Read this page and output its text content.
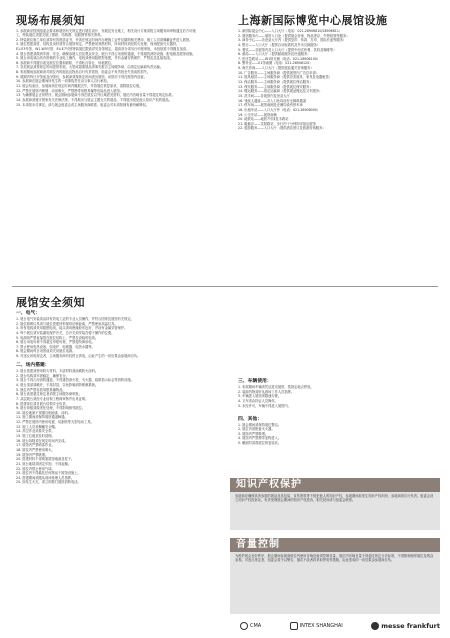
现场布展须知

1. 参展商应按照组委会要求和展馆有关规定进行展位设计、布展及安全施工，相关设计方案须报主场服务商审核通过后方可施工，特装展位须提交施工图纸、结构图、电路图等相关资料。

2. 特装展位施工单位须持有效资质证书，并须在规定时间内办理施工证件及缴纳相关费用，施工人员须佩戴证件进入展馆。

3. 展位搭建高度、结构及用材须符合展馆规定，严禁使用易燃材料，所用材料须经防火处理，现场配备灭火器材。

E1-E3号馆、W1-W5号馆、E4-E7号馆特装展位限高详见各馆规定，超高部分须另行申报审批，未经批准不得擅自加高。

4. 展台搭建须做到牢固、安全，确保参展人员及观众安全，展台不得占用消防通道，不得遮挡消防设施、配电箱及展馆设施。

5. 展台用电须由具有资格的专业电工操作，电线须使用阻燃型电缆，并有金属穿管保护，严禁乱拉乱接电线。

6. 参展商不得擅自改变展位位置和面积，不得私自转让、转租展位。

7. 各类展品须按规定时间进馆布展，大型或超重展品须事先报告主场服务商，由指定运输商负责运输。

8. 布展期间参展商须对展位内的展品及物品自行负责看管，组委会不负责因丢失造成的损失。

9. 展期内每日开馆前及闭馆后，参展商须按规定时间进出展馆，闭馆后不得在展馆内逗留。

10. 参展商在展会期间所发生的一切事故责任由当事人自行承担。

11. 展会结束后，参展商须在规定时间内撤展完毕，并将展位恢复原状，清除展位垃圾。

12. 严禁在展馆内吸烟、动用明火，严禁携带易燃易爆等危险品进入展馆。

13. 为确保展会正常秩序，展会期间参展商不得在展位以外区域派发资料，展位内音响音量不得超过规定标准。

14. 参展商须遵守国家有关法律法规，不得展出与展会主题无关的展品，不得展出侵犯他人知识产权的展品。

15. 本须知未尽事宜，请与展会组委会或主场服务商联系，组委会对本须知拥有最终解释权。

上海新国际博览中心展馆设施

1. 新国际展会中心——入口大厅（电话：021-28906610/28906611）

2. 展馆服务台——展馆入口处（提供展会咨询、物品寄存、失物招领等服务）

3. 商务中心——各登录大厅内（提供复印、传真、打印、国际长途等服务）

4. 银行——入口大厅（提供自动取款机及外币兑换服务）

5. 餐饮——各展馆内及入口大厅（提供中西式快餐、饮料及咖啡等）

6. 邮局——入口大厅（提供邮政服务及快递服务）

7. 医疗急救站——W1馆北侧（电话：021-28906100）

8. 警务室——E1馆南侧（电话：021-28906120）

9. 海关咨询——入口大厅（提供展品通关咨询服务）

10. 广告服务——主场服务商（提供展馆内广告位申请）

11. 展具租赁——主场服务商（提供各类展具、家具及电器租赁）

12. 保洁服务——主场服务商（提供展位保洁服务）

13. 保安服务——主场服务商（提供展位保安服务）

14. 搬运服务——指定运输商（提供展品搬运及叉车服务）

15. 洗手间——各展馆内及登录大厅

16. 残疾人通道——各入口处均设有无障碍通道

17. 停车场——展馆南侧及北侧均设有停车场

18. 出租车站——入口大厅外（电话：021-28906000）

19. 公交车站——展馆南侧

20. 地铁站——地铁7号线花木路站

21. 磁悬浮——龙阳路站，步行约十分钟即可抵达展馆

22. 旅游服务——入口大厅（提供酒店预订及旅游咨询服务）

展馆安全须知
一、电气：

1. 展台电气安装须由持有效电工证的专业人员操作，并符合国家及展馆有关规定。

2. 展位照明灯具须与展位搭建材料保持足够距离，严禁使用高温灯具。

3. 所有电线须采用阻燃电线，接头须用绝缘胶布包好，并设有金属穿管保护。

4. 每个展位须安装漏电保护开关，总开关须安装在便于操作的位置。

5. 电源线严禁直接搭在展位结构上，严禁拉设临时电线。

6. 展台用电负荷不得超过申报负荷，严禁超负荷用电。

7. 禁止使用电热设备，如电炉、电暖器、电热水器等。

8. 展会期间每日闭馆前须关闭展位电源。

9. 对违反用电规定者，主场服务商有权停止供电，由此产生的一切后果由参展商自负。

二、场内搭建：

1. 展台搭建须使用防火材料，木质材料须涂刷防火涂料。

2. 展台结构须牢固稳定，确保安全。

3. 展台不得占用消防通道，不得遮挡消火栓、灭火器、疏散指示标志等消防设施。

4. 展台顶部须敞开，不得封顶，以免影响消防喷淋系统。

5. 展位内严禁存放易燃易爆物品。

6. 展台高度超过规定者须报主场服务商审批。

7. 双层展台须经专业结构工程师审核并出具证明。

8. 搭建单位须对展台结构安全负责。

9. 展台背板须做美化处理，不得影响相邻展位。

10. 展位地面不得擅自刷油漆、涂料。

11. 施工期间须保持展馆通道畅通。

12. 严禁在展馆内使用电锯、切割机等大型电动工具。

13. 施工人员须佩戴安全帽。

14. 高空作业须系安全带。

15. 施工垃圾须及时清理。

16. 展台拆除须在规定时间内完成。

17. 展馆内严禁喷漆作业。

18. 展位内严禁使用明火。

19. 展馆内严禁吸烟。

20. 搭建材料不得倚靠展馆墙面及柱子。

21. 展台地毯须固定牢固，不得起翘。

22. 展位内禁止使用气球。

23. 展位内不得悬挂任何物品于展馆设施上。

24. 搭建期间须服从现场管理人员指挥。

25. 如发生火灾，请立即拨打展馆消防电话。

三、车辆使用：

1. 布展期间车辆须凭证进出展馆，按指定地点停放。

2. 装卸货物须听从现场工作人员指挥。

3. 车辆进入展馆须限速行驶。

4. 叉车须由持证人员操作。

5. 未经许可，车辆不得进入展馆内。

四、其他：

1. 展会期间须保持展位整洁。

2. 展位内须配备灭火器。

3. 展馆内严禁吸烟。

4. 展馆内严禁携带宠物进入。

5. 撤展时须将展位恢复原状。

知识产权保护
参展商应确保其所参展的展品及其包装、宣传资料等不侵犯他人的知识产权，参展期间如发生知识产权纠纷，参展商须自行负责。组委会设立知识产权投诉站，负责受理展会期间的知识产权投诉，相关投诉请与组委会联系。
音量控制
为维护展会良好秩序，展会期间参展商展位内使用音响设备须控制音量，展位内音响音量不得超过规定分贝标准，不得影响相邻展位及观众参观。对违反规定者，组委会将予以警告，屡次不改者将采取停电等措施，由此造成的一切后果由参展商自负。
CMA	INTEX SHANGHAI	messe frankfurt
